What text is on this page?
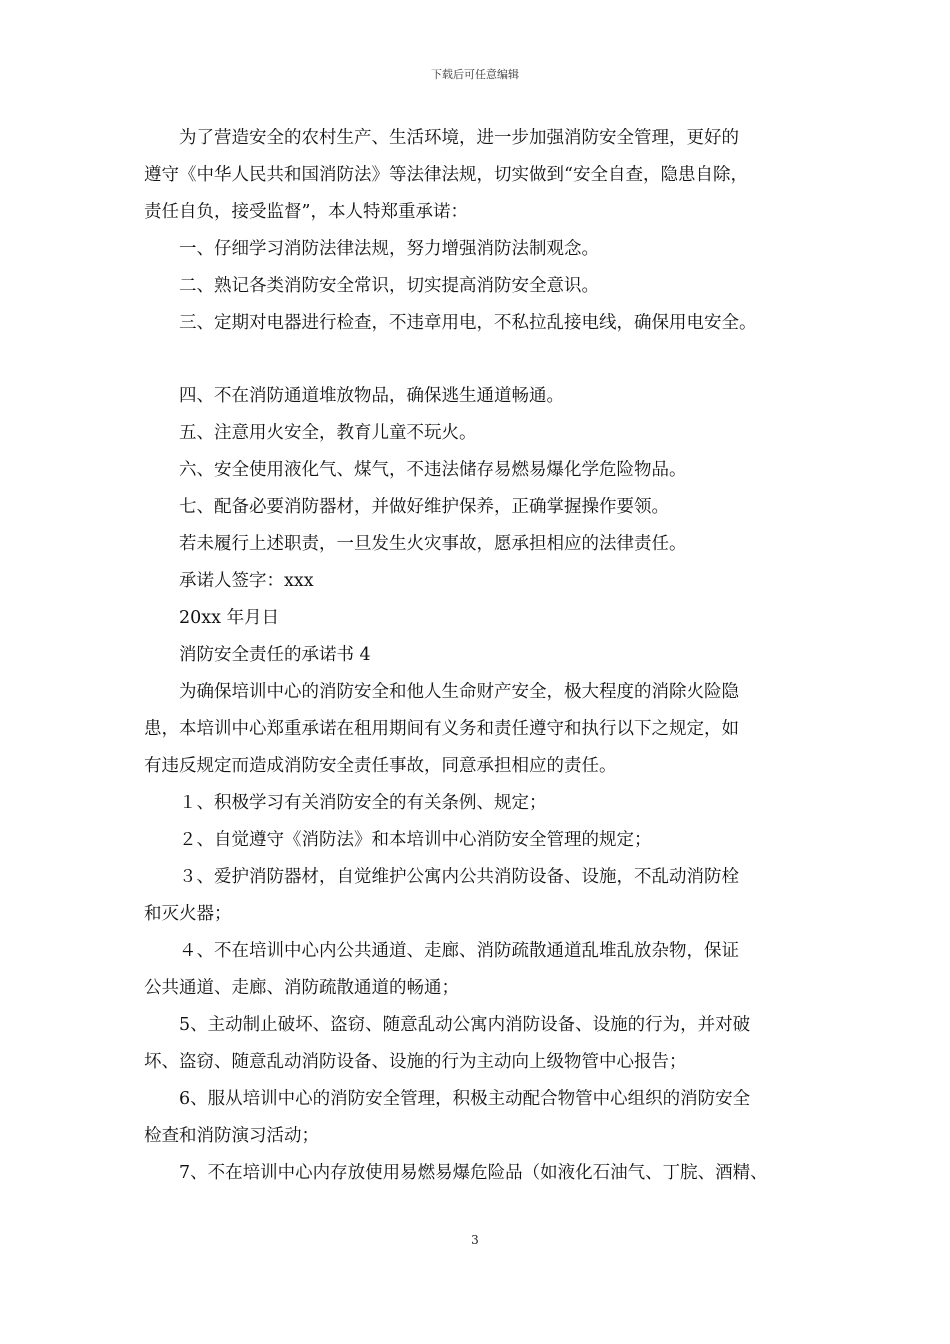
下载后可任意编辑
为了营造安全的农村生产、生活环境，进一步加强消防安全管理，更好的
遵守《中华人民共和国消防法》等法律法规，切实做到“安全自查，隐患自除，
责任自负，接受监督”，本人特郑重承诺：
一、仔细学习消防法律法规，努力增强消防法制观念。
二、熟记各类消防安全常识，切实提高消防安全意识。
三、定期对电器进行检查，不违章用电，不私拉乱接电线，确保用电安全。
四、不在消防通道堆放物品，确保逃生通道畅通。
五、注意用火安全，教育儿童不玩火。
六、安全使用液化气、煤气，不违法储存易燃易爆化学危险物品。
七、配备必要消防器材，并做好维护保养，正确掌握操作要领。
若未履行上述职责，一旦发生火灾事故，愿承担相应的法律责任。
承诺人签字：xxx
20xx 年月日
消防安全责任的承诺书 4
为确保培训中心的消防安全和他人生命财产安全，极大程度的消除火险隐
患，本培训中心郑重承诺在租用期间有义务和责任遵守和执行以下之规定，如
有违反规定而造成消防安全责任事故，同意承担相应的责任。
１、积极学习有关消防安全的有关条例、规定；
２、自觉遵守《消防法》和本培训中心消防安全管理的规定；
３、爱护消防器材，自觉维护公寓内公共消防设备、设施，不乱动消防栓
和灭火器；
４、不在培训中心内公共通道、走廊、消防疏散通道乱堆乱放杂物，保证
公共通道、走廊、消防疏散通道的畅通；
5、主动制止破坏、盗窃、随意乱动公寓内消防设备、设施的行为，并对破
坏、盗窃、随意乱动消防设备、设施的行为主动向上级物管中心报告；
6、服从培训中心的消防安全管理，积极主动配合物管中心组织的消防安全
检查和消防演习活动；
7、不在培训中心内存放使用易燃易爆危险品（如液化石油气、丁脘、酒精、
3
